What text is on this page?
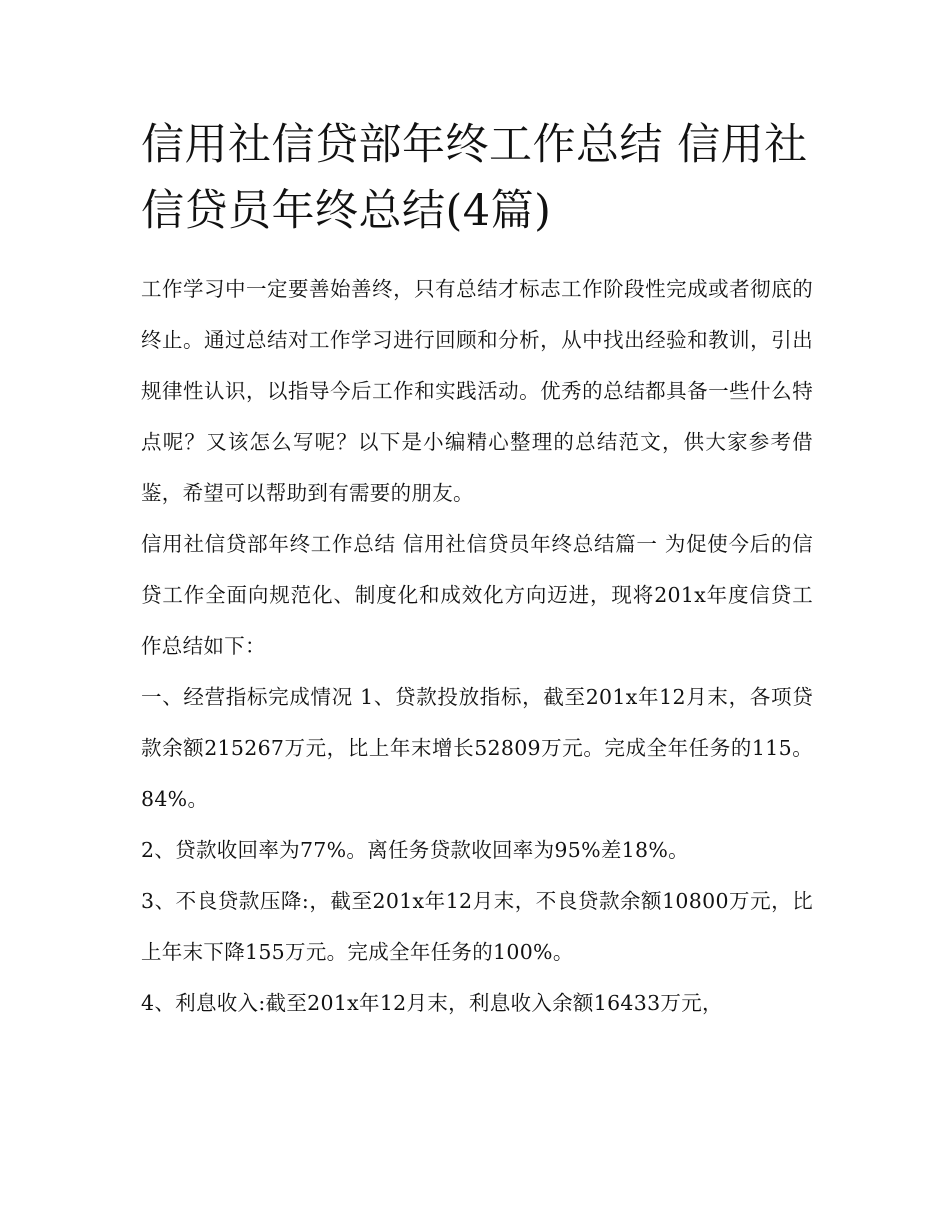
信用社信贷部年终工作总结 信用社信贷员年终总结(4篇)

工作学习中一定要善始善终，只有总结才标志工作阶段性完成或者彻底的终止。通过总结对工作学习进行回顾和分析，从中找出经验和教训，引出规律性认识，以指导今后工作和实践活动。优秀的总结都具备一些什么特点呢？又该怎么写呢？以下是小编精心整理的总结范文，供大家参考借鉴，希望可以帮助到有需要的朋友。

信用社信贷部年终工作总结 信用社信贷员年终总结篇一 为促使今后的信贷工作全面向规范化、制度化和成效化方向迈进，现将201x年度信贷工作总结如下：

一、经营指标完成情况 1、贷款投放指标，截至201x年12月末，各项贷款余额215267万元，比上年末增长52809万元。完成全年任务的115。84%。

2、贷款收回率为77%。离任务贷款收回率为95%差18%。

3、不良贷款压降:，截至201x年12月末，不良贷款余额10800万元，比上年末下降155万元。完成全年任务的100%。

4、利息收入:截至201x年12月末，利息收入余额16433万元，
